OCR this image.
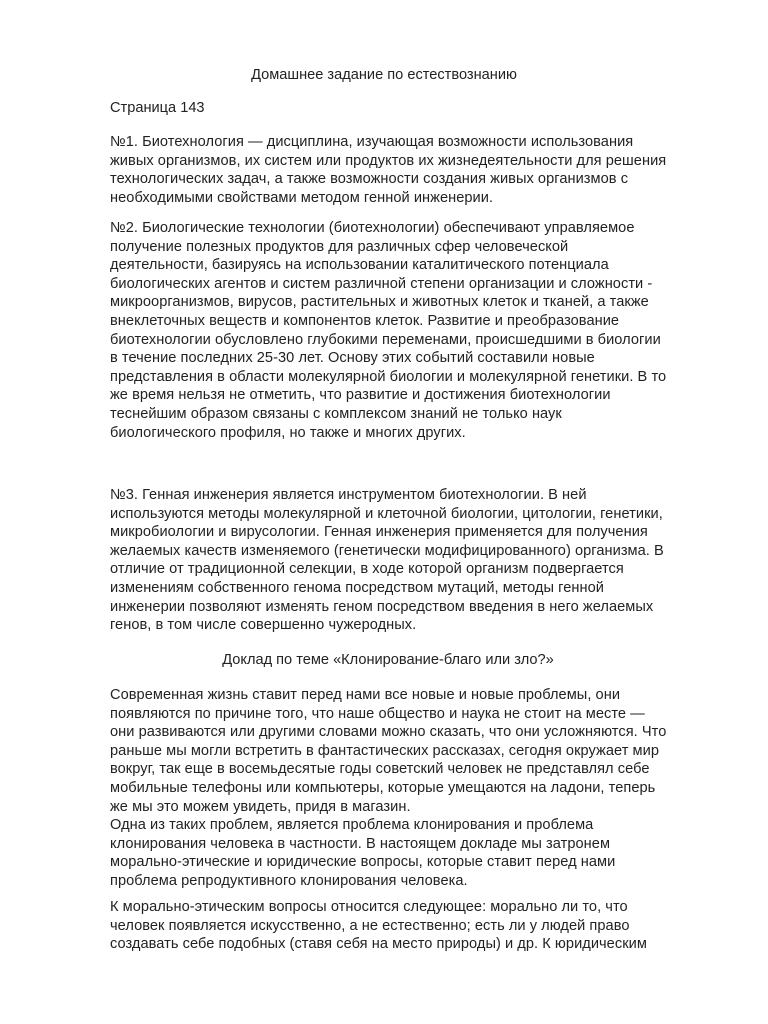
Домашнее задание по естествознанию

Страница 143

№1. Биотехнология — дисциплина, изучающая возможности использования живых организмов, их систем или продуктов их жизнедеятельности для решения технологических задач, а также возможности создания живых организмов с необходимыми свойствами методом генной инженерии.

№2. Биологические технологии (биотехнологии) обеспечивают управляемое получение полезных продуктов для различных сфер человеческой деятельности, базируясь на использовании каталитического потенциала биологических агентов и систем различной степени организации и сложности - микроорганизмов, вирусов, растительных и животных клеток и тканей, а также внеклеточных веществ и компонентов клеток. Развитие и преобразование биотехнологии обусловлено глубокими переменами, происшедшими в биологии в течение последних 25-30 лет. Основу этих событий составили новые представления в области молекулярной биологии и молекулярной генетики. В то же время нельзя не отметить, что развитие и достижения биотехнологии теснейшим образом связаны с комплексом знаний не только наук биологического профиля, но также и многих других.

№3. Генная инженерия является инструментом биотехнологии. В ней используются методы молекулярной и клеточной биологии, цитологии, генетики, микробиологии и вирусологии. Генная инженерия применяется для получения желаемых качеств изменяемого (генетически модифицированного) организма. В отличие от традиционной селекции, в ходе которой организм подвергается изменениям собственного генома посредством мутаций, методы генной инженерии позволяют изменять геном посредством введения в него желаемых генов, в том числе совершенно чужеродных.

Доклад по теме «Клонирование-благо или зло?»

Современная жизнь ставит перед нами все новые и новые проблемы, они появляются по причине того, что наше общество и наука не стоит на месте — они развиваются или другими словами можно сказать, что они усложняются. Что раньше мы могли встретить в фантастических рассказах, сегодня окружает мир вокруг, так еще в восемьдесятые годы советский человек не представлял себе мобильные телефоны или компьютеры, которые умещаются на ладони, теперь же мы это можем увидеть, придя в магазин.

Одна из таких проблем, является проблема клонирования и проблема клонирования человека в частности. В настоящем докладе мы затронем морально-этические и юридические вопросы, которые ставит перед нами проблема репродуктивного клонирования человека.

К морально-этическим вопросы относится следующее: морально ли то, что человек появляется искусственно, а не естественно; есть ли у людей право создавать себе подобных (ставя себя на место природы) и др. К юридическим
